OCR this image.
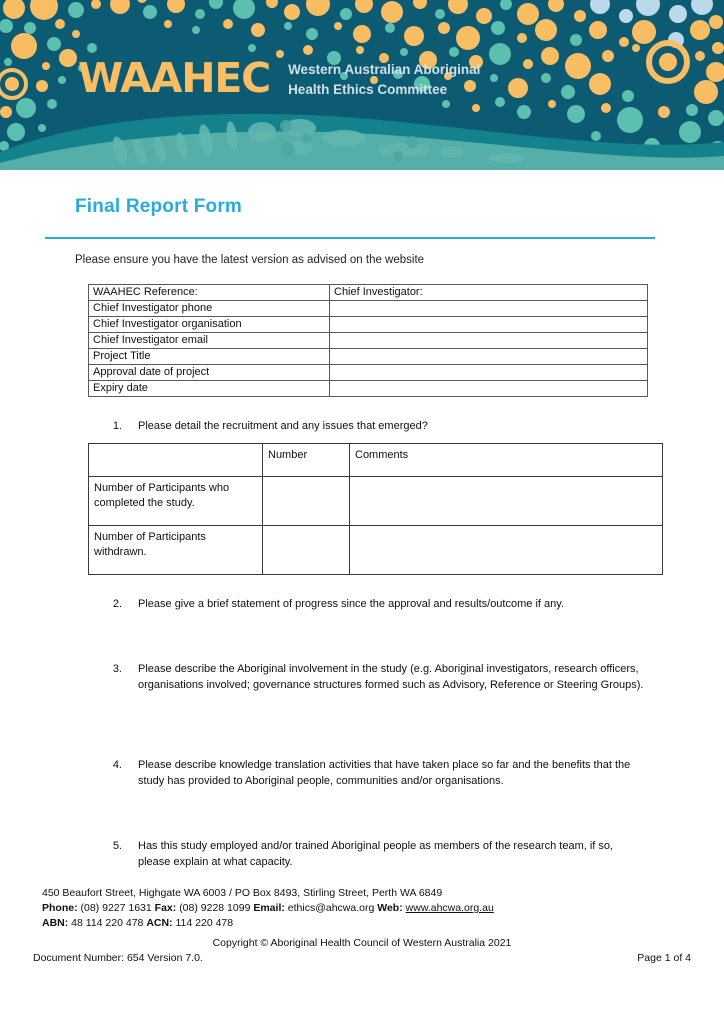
WAAHEC Western Australian Aboriginal
Health Ethics Committee
Final Report Form
Please ensure you have the latest version as advised on the website
WAAHEC Reference:	Chief Investigator:
Chief Investigator phone	
Chief Investigator organisation	
Chief Investigator email	
Project Title	
Approval date of project	
Expiry date	
1. Please detail the recruitment and any issues that emerged?
	Number	Comments
Number of Participants who completed the study.		
Number of Participants withdrawn.		
2. Please give a brief statement of progress since the approval and results/outcome if any.
3. Please describe the Aboriginal involvement in the study (e.g. Aboriginal investigators, research officers, organisations involved; governance structures formed such as Advisory, Reference or Steering Groups).
4. Please describe knowledge translation activities that have taken place so far and the benefits that the study has provided to Aboriginal people, communities and/or organisations.
5. Has this study employed and/or trained Aboriginal people as members of the research team, if so, please explain at what capacity.
450 Beaufort Street, Highgate WA 6003 / PO Box 8493, Stirling Street, Perth WA 6849
Phone: (08) 9227 1631 Fax: (08) 9228 1099 Email: ethics@ahcwa.org Web: www.ahcwa.org.au
ABN: 48 114 220 478 ACN: 114 220 478
Copyright © Aboriginal Health Council of Western Australia 2021
Document Number: 654 Version 7.0.	Page 1 of 4
